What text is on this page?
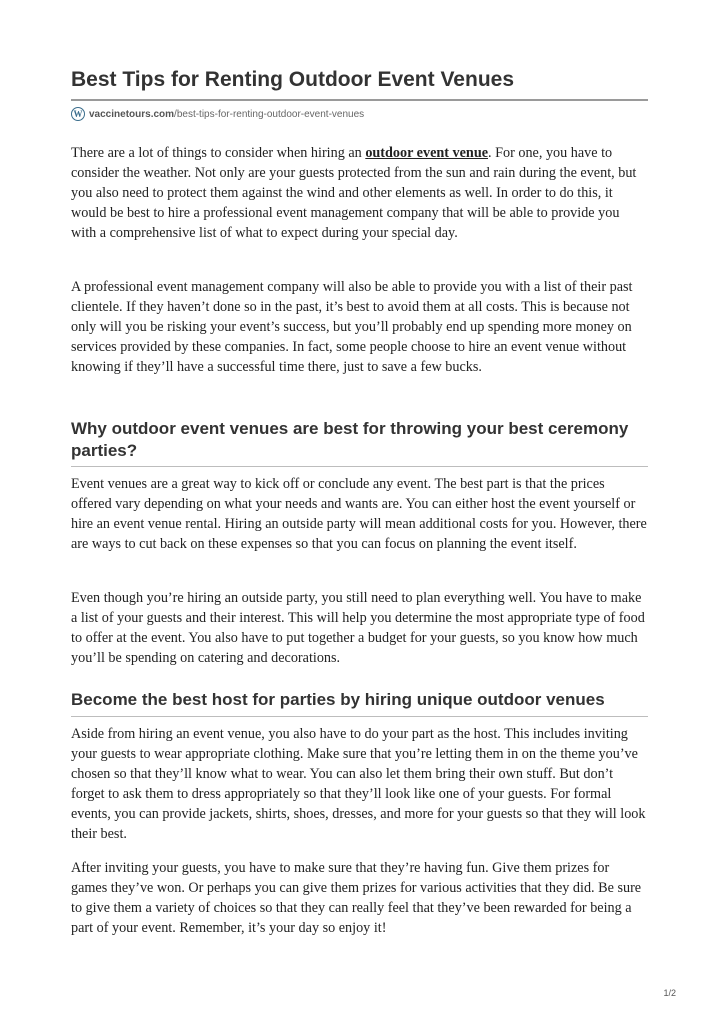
Best Tips for Renting Outdoor Event Venues
W vaccinetours.com/best-tips-for-renting-outdoor-event-venues

There are a lot of things to consider when hiring an outdoor event venue. For one, you have to consider the weather. Not only are your guests protected from the sun and rain during the event, but you also need to protect them against the wind and other elements as well. In order to do this, it would be best to hire a professional event management company that will be able to provide you with a comprehensive list of what to expect during your special day.

A professional event management company will also be able to provide you with a list of their past clientele. If they haven’t done so in the past, it’s best to avoid them at all costs. This is because not only will you be risking your event’s success, but you’ll probably end up spending more money on services provided by these companies. In fact, some people choose to hire an event venue without knowing if they’ll have a successful time there, just to save a few bucks.

Why outdoor event venues are best for throwing your best ceremony parties?

Event venues are a great way to kick off or conclude any event. The best part is that the prices offered vary depending on what your needs and wants are. You can either host the event yourself or hire an event venue rental. Hiring an outside party will mean additional costs for you. However, there are ways to cut back on these expenses so that you can focus on planning the event itself.

Even though you’re hiring an outside party, you still need to plan everything well. You have to make a list of your guests and their interest. This will help you determine the most appropriate type of food to offer at the event. You also have to put together a budget for your guests, so you know how much you’ll be spending on catering and decorations.

Become the best host for parties by hiring unique outdoor venues

Aside from hiring an event venue, you also have to do your part as the host. This includes inviting your guests to wear appropriate clothing. Make sure that you’re letting them in on the theme you’ve chosen so that they’ll know what to wear. You can also let them bring their own stuff. But don’t forget to ask them to dress appropriately so that they’ll look like one of your guests. For formal events, you can provide jackets, shirts, shoes, dresses, and more for your guests so that they will look their best.

After inviting your guests, you have to make sure that they’re having fun. Give them prizes for games they’ve won. Or perhaps you can give them prizes for various activities that they did. Be sure to give them a variety of choices so that they can really feel that they’ve been rewarded for being a part of your event. Remember, it’s your day so enjoy it!

1/2
